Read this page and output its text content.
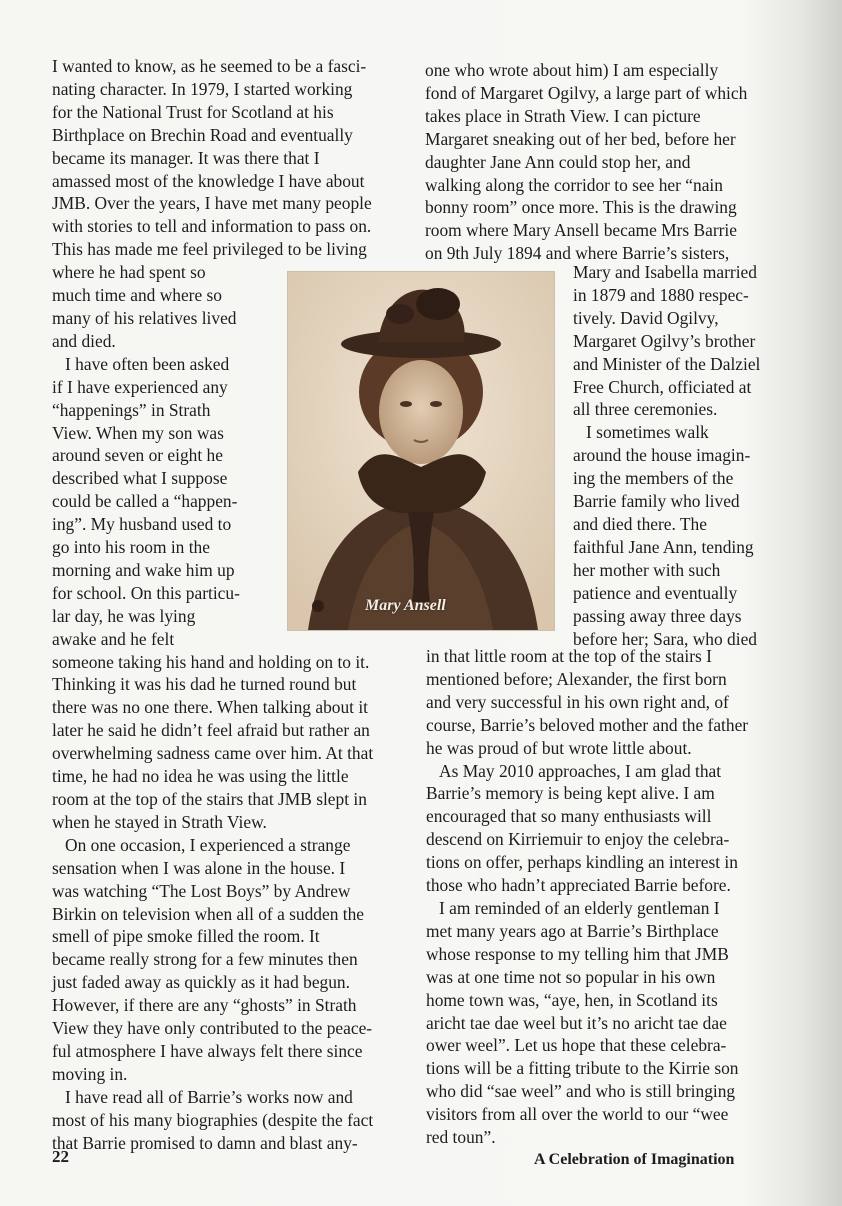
I wanted to know, as he seemed to be a fasci-
nating character. In 1979, I started working
for the National Trust for Scotland at his
Birthplace on Brechin Road and eventually
became its manager. It was there that I
amassed most of the knowledge I have about
JMB. Over the years, I have met many people
with stories to tell and information to pass on.
This has made me feel privileged to be living
where he had spent so
much time and where so
many of his relatives lived
and died.
I have often been asked
if I have experienced any
“happenings” in Strath
View. When my son was
around seven or eight he
described what I suppose
could be called a “happen-
ing”. My husband used to
go into his room in the
morning and wake him up
for school. On this particu-
lar day, he was lying
awake and he felt
someone taking his hand and holding on to it.
Thinking it was his dad he turned round but
there was no one there. When talking about it
later he said he didn’t feel afraid but rather an
overwhelming sadness came over him. At that
time, he had no idea he was using the little
room at the top of the stairs that JMB slept in
when he stayed in Strath View.
On one occasion, I experienced a strange
sensation when I was alone in the house. I
was watching “The Lost Boys” by Andrew
Birkin on television when all of a sudden the
smell of pipe smoke filled the room. It
became really strong for a few minutes then
just faded away as quickly as it had begun.
However, if there are any “ghosts” in Strath
View they have only contributed to the peace-
ful atmosphere I have always felt there since
moving in.
I have read all of Barrie’s works now and
most of his many biographies (despite the fact
that Barrie promised to damn and blast any-
one who wrote about him) I am especially
fond of Margaret Ogilvy, a large part of which
takes place in Strath View. I can picture
Margaret sneaking out of her bed, before her
daughter Jane Ann could stop her, and
walking along the corridor to see her “nain
bonny room” once more. This is the drawing
room where Mary Ansell became Mrs Barrie
on 9th July 1894 and where Barrie’s sisters,
Mary and Isabella married
in 1879 and 1880 respec-
tively. David Ogilvy,
Margaret Ogilvy’s brother
and Minister of the Dalziel
Free Church, officiated at
all three ceremonies.
I sometimes walk
around the house imagin-
ing the members of the
Barrie family who lived
and died there. The
faithful Jane Ann, tending
her mother with such
patience and eventually
passing away three days
before her; Sara, who died
in that little room at the top of the stairs I
mentioned before; Alexander, the first born
and very successful in his own right and, of
course, Barrie’s beloved mother and the father
he was proud of but wrote little about.
As May 2010 approaches, I am glad that
Barrie’s memory is being kept alive. I am
encouraged that so many enthusiasts will
descend on Kirriemuir to enjoy the celebra-
tions on offer, perhaps kindling an interest in
those who hadn’t appreciated Barrie before.
I am reminded of an elderly gentleman I
met many years ago at Barrie’s Birthplace
whose response to my telling him that JMB
was at one time not so popular in his own
home town was, “aye, hen, in Scotland its
aricht tae dae weel but it’s no aricht tae dae
ower weel”. Let us hope that these celebra-
tions will be a fitting tribute to the Kirrie son
who did “sae weel” and who is still bringing
visitors from all over the world to our “wee
red toun”.
Mary Ansell
22	A Celebration of Imagination
